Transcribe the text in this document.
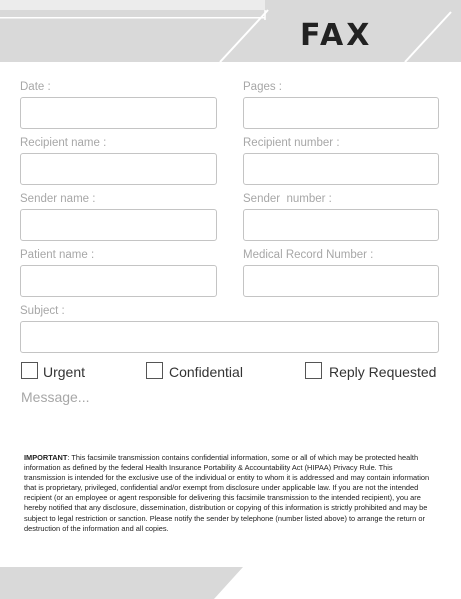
FAX
Date :	Pages :
Recipient name :	Recipient number :
Sender name :	Sender  number :
Patient name :	Medical Record Number :
Subject :
Urgent	Confidential	Reply Requested
Message...

IMPORTANT: This facsimile transmission contains confidential information, some or all of which may be protected health information as defined by the federal Health Insurance Portability & Accountability Act (HIPAA) Privacy Rule. This transmission is intended for the exclusive use of the individual or entity to whom it is addressed and may contain information that is proprietary, privileged, confidential and/or exempt from disclosure under applicable law. If you are not the intended recipient (or an employee or agent responsible for delivering this facsimile transmission to the intended recipient), you are hereby notified that any disclosure, dissemination, distribution or copying of this information is strictly prohibited and may be subject to legal restriction or sanction. Please notify the sender by telephone (number listed above) to arrange the return or destruction of the information and all copies.
